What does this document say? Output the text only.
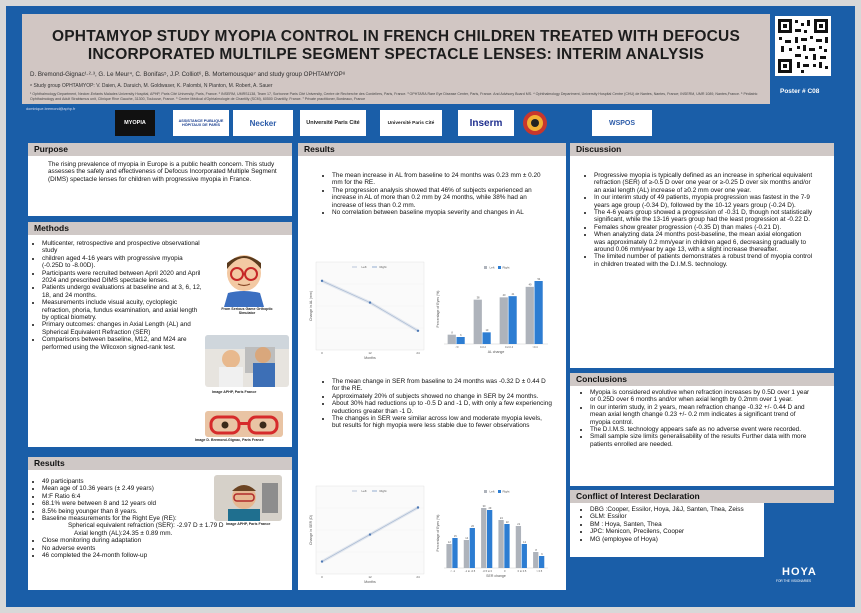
OPHTAMYOP STUDY MYOPIA CONTROL IN FRENCH CHILDREN TREATED WITH DEFOCUS
INCORPORATED MULTILPE SEGMENT SPECTACLE LENSES: INTERIM ANALYSIS
D. Bremond-Gignac¹·²·³, G. Le Meur⁴, C. Bonifas⁵, J.P. Colliot⁶, B. Mortemousque⁷ and study group OPHTAMYOP⁸
⁸ Study group OPHTAMYOP: V. Daien, A. Daruich, M. Goldwaser, K. Palombi, N Pianton, M. Robert, A. Sauer
¹ Ophthalmology Department, Necker-Enfants Malades University Hospital, APHP, Paris Cité University, Paris, France. ² INSERM, UMRS1138, Team 17, Sorbonne Paris Cité University, Centre de Recherche des Cordeliers, Paris, France. ³ OPHTARA Rare Eye Disease Center, Paris, France. And Advisory Board MS. ⁴ Ophthalmology Department, University Hospital Centre (CHU) de Nantes, Nantes, France; INSERM, UMR 1089, Nantes,France. ⁵ Pédiatric Ophthalmology and Adult Strabismus unit, Clinique Rive Gauche, 31300, Toulouse, France. ⁶ Centre Médical d'Ophtalmologie de Chantilly (SCM), 60500 Chantilly, France. ⁷ Private practitioner, Bordeaux, France
dominique.bremond@aphp.fr
Poster # C08
MYOPIA	ASSISTANCE PUBLIQUE HÔPITAUX DE PARIS	Necker	Université Paris Cité	Université Paris Cité	Inserm	WSPOS
Purpose
The rising prevalence of myopia in Europe is a public health concern. This study assesses the safety and effectiveness of Defocus Incorporated Multiple Segment (DIMS) spectacle lenses for children with progressive myopia in France.
Methods
• Multicenter, retrospective and prospective observational study
• children aged 4-16 years with progressive myopia (-0.25D to -8.00D).
• Participants were recruited between April 2020 and April 2024 and prescribed DIMS spectacle lenses.
• Patients undergo evaluations at baseline and at 3, 6, 12, 18, and 24 months.
• Measurements include visual acuity, cycloplegic refraction, phoria, fundus examination, and axial length by optical biometry.
• Primary outcomes: changes in Axial Length (AL) and Spherical Equivalent Refraction (SER)
• Comparisons between baseline, M12, and M24 are performed using the Wilcoxon signed-rank test.
From Serious Game Orthoptic Simulator
Image APHP, Paris France
Image D. Bremond-Gignac, Paris France
Results
• 49 participants
• Mean age of 10.36 years (± 2.49 years)
• M:F Ratio 6:4
• 68.1% were between 8 and 12 years old
• 8.5% being younger than 8 years.
• Baseline measurements for the Right Eye (RE):
Spherical equivalent refraction (SER): -2.97 D ± 1.79 D
Axial length (AL):24.35 ± 0.89 mm.
• Close monitoring during adaptation
• No adverse events
• 46 completed the 24-month follow-up
Image APHP, Paris France
Results
• The mean increase in AL from baseline to 24 months was 0.23 mm ± 0.20 mm for the RE.
• The progression analysis showed that 46% of subjects experienced an increase in AL of more than 0.2 mm by 24 months, while 38% had an increase of less than 0.2 mm.
• No correlation between baseline myopia severity and changes in AL
0	12	24
Months
Change in AL (mm)
Left	Right
8
6
<0
38
10
0-0.2
40 41
0.2-0.4
49
54
>0.4
AL change
Percentage of Eyes (%)
Left	Right
• The mean change in SER from baseline to 24 months was -0.32 D ± 0.44 D for the RE.
• Approximately 20% of subjects showed no change in SER by 24 months.
• About 30% had reductions up to -0.5 D and -1 D, with only a few experiencing reductions greater than -1 D.
• The changes in SER were similar across low and moderate myopia levels, but results for high myopia were less stable due to fewer observations
0	12	24
Months
Change in SER (D)
Left	Right
12
15
< -1
14
20
-1 to -0.5
30
29
-0.5 to 0
24
22
0
21
12
0 to 0.5
8
6
> 0.5
SER change
Percentage of Eyes (%)
Left	Right
Discussion
• Progressive myopia is typically defined as an increase in spherical equivalent refraction (SER) of ≥-0.5 D over one year or ≥-0.25 D over six months and/or an axial length (AL) increase of ≥0.2 mm over one year.
• In our interim study of 49 patients, myopia progression was fastest in the 7-9 years age group (-0.34 D), followed by the 10-12 years group (-0.24 D).
• The 4-6 years group showed a progression of -0.31 D, though not statistically significant, while the 13-16 years group had the least progression at -0.22 D.
• Females show greater progression (-0.35 D) than males (-0.21 D).
• When analyzing data 24 months post-baseline, the mean axial elongation was approximately 0.2 mm/year in children aged 6, decreasing gradually to around 0.06 mm/year by age 13, with a slight increase thereafter.
• The limited number of patients demonstrates a robust trend of myopia control in children treated with the D.I.M.S. technology.
Conclusions
• Myopia is considered evolutive when refraction increases by 0.5D over 1 year or 0.25D over 6 months and/or when axial length by 0.2mm over 1 year.
• In our interim study, in 2 years, mean refraction change -0.32 +/- 0.44 D and mean axial length change 0.23 +/- 0.2 mm indicates a significant trend of myopia control.
• The D.I.M.S. technology appears safe as no adverse event were recorded.
• Small sample size limits generalisability of the results Further data with more patients enrolled are needed.
Conflict of Interest Declaration
• DBG :Cooper, Essilor, Hoya, J&J, Santen, Thea, Zeiss
• GLM: Essilor
• BM : Hoya, Santen, Thea
• JPC: Menicon, Precilens, Cooper
• MG (employee of Hoya)
HOYA
FOR THE VISIONARIES
